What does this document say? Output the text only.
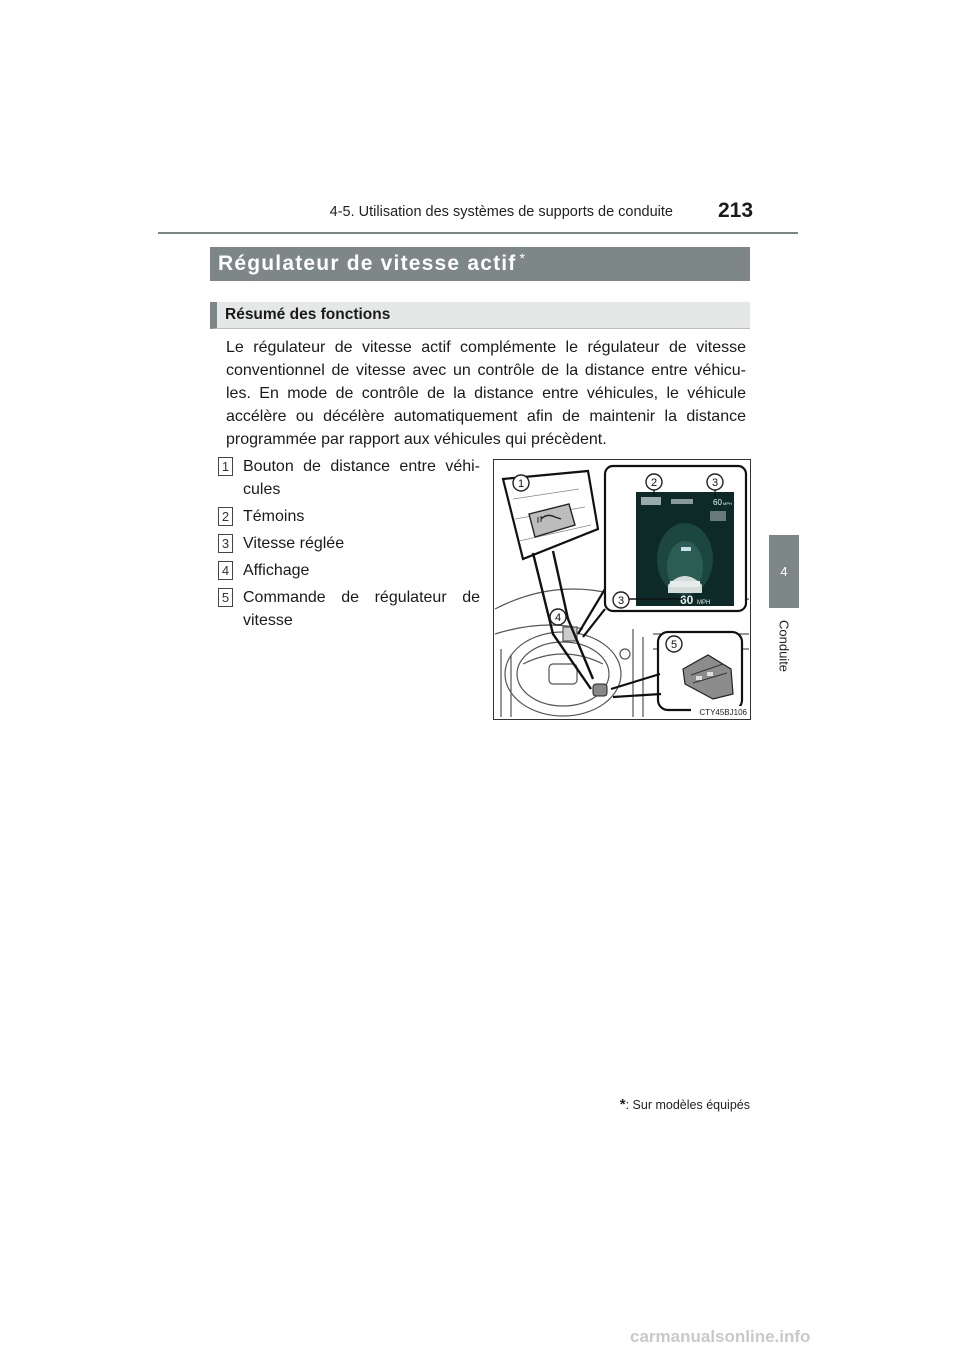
4-5. Utilisation des systèmes de supports de conduite 213
4
Conduite
Régulateur de vitesse actif *
Résumé des fonctions

Le régulateur de vitesse actif complémente le régulateur de vitesse conventionnel de vitesse avec un contrôle de la distance entre véhicu-les. En mode de contrôle de la distance entre véhicules, le véhicule accélère ou décélère automatiquement afin de maintenir la distance programmée par rapport aux véhicules qui précèdent.

1 Bouton de distance entre véhi-cules
2 Témoins
3 Vitesse réglée
4 Affichage
5 Commande de régulateur de vitesse
60 MPH
60 MPH
1	2	3
3
4
5
CTY45BJ106
*: Sur modèles équipés
carmanualsonline.info
